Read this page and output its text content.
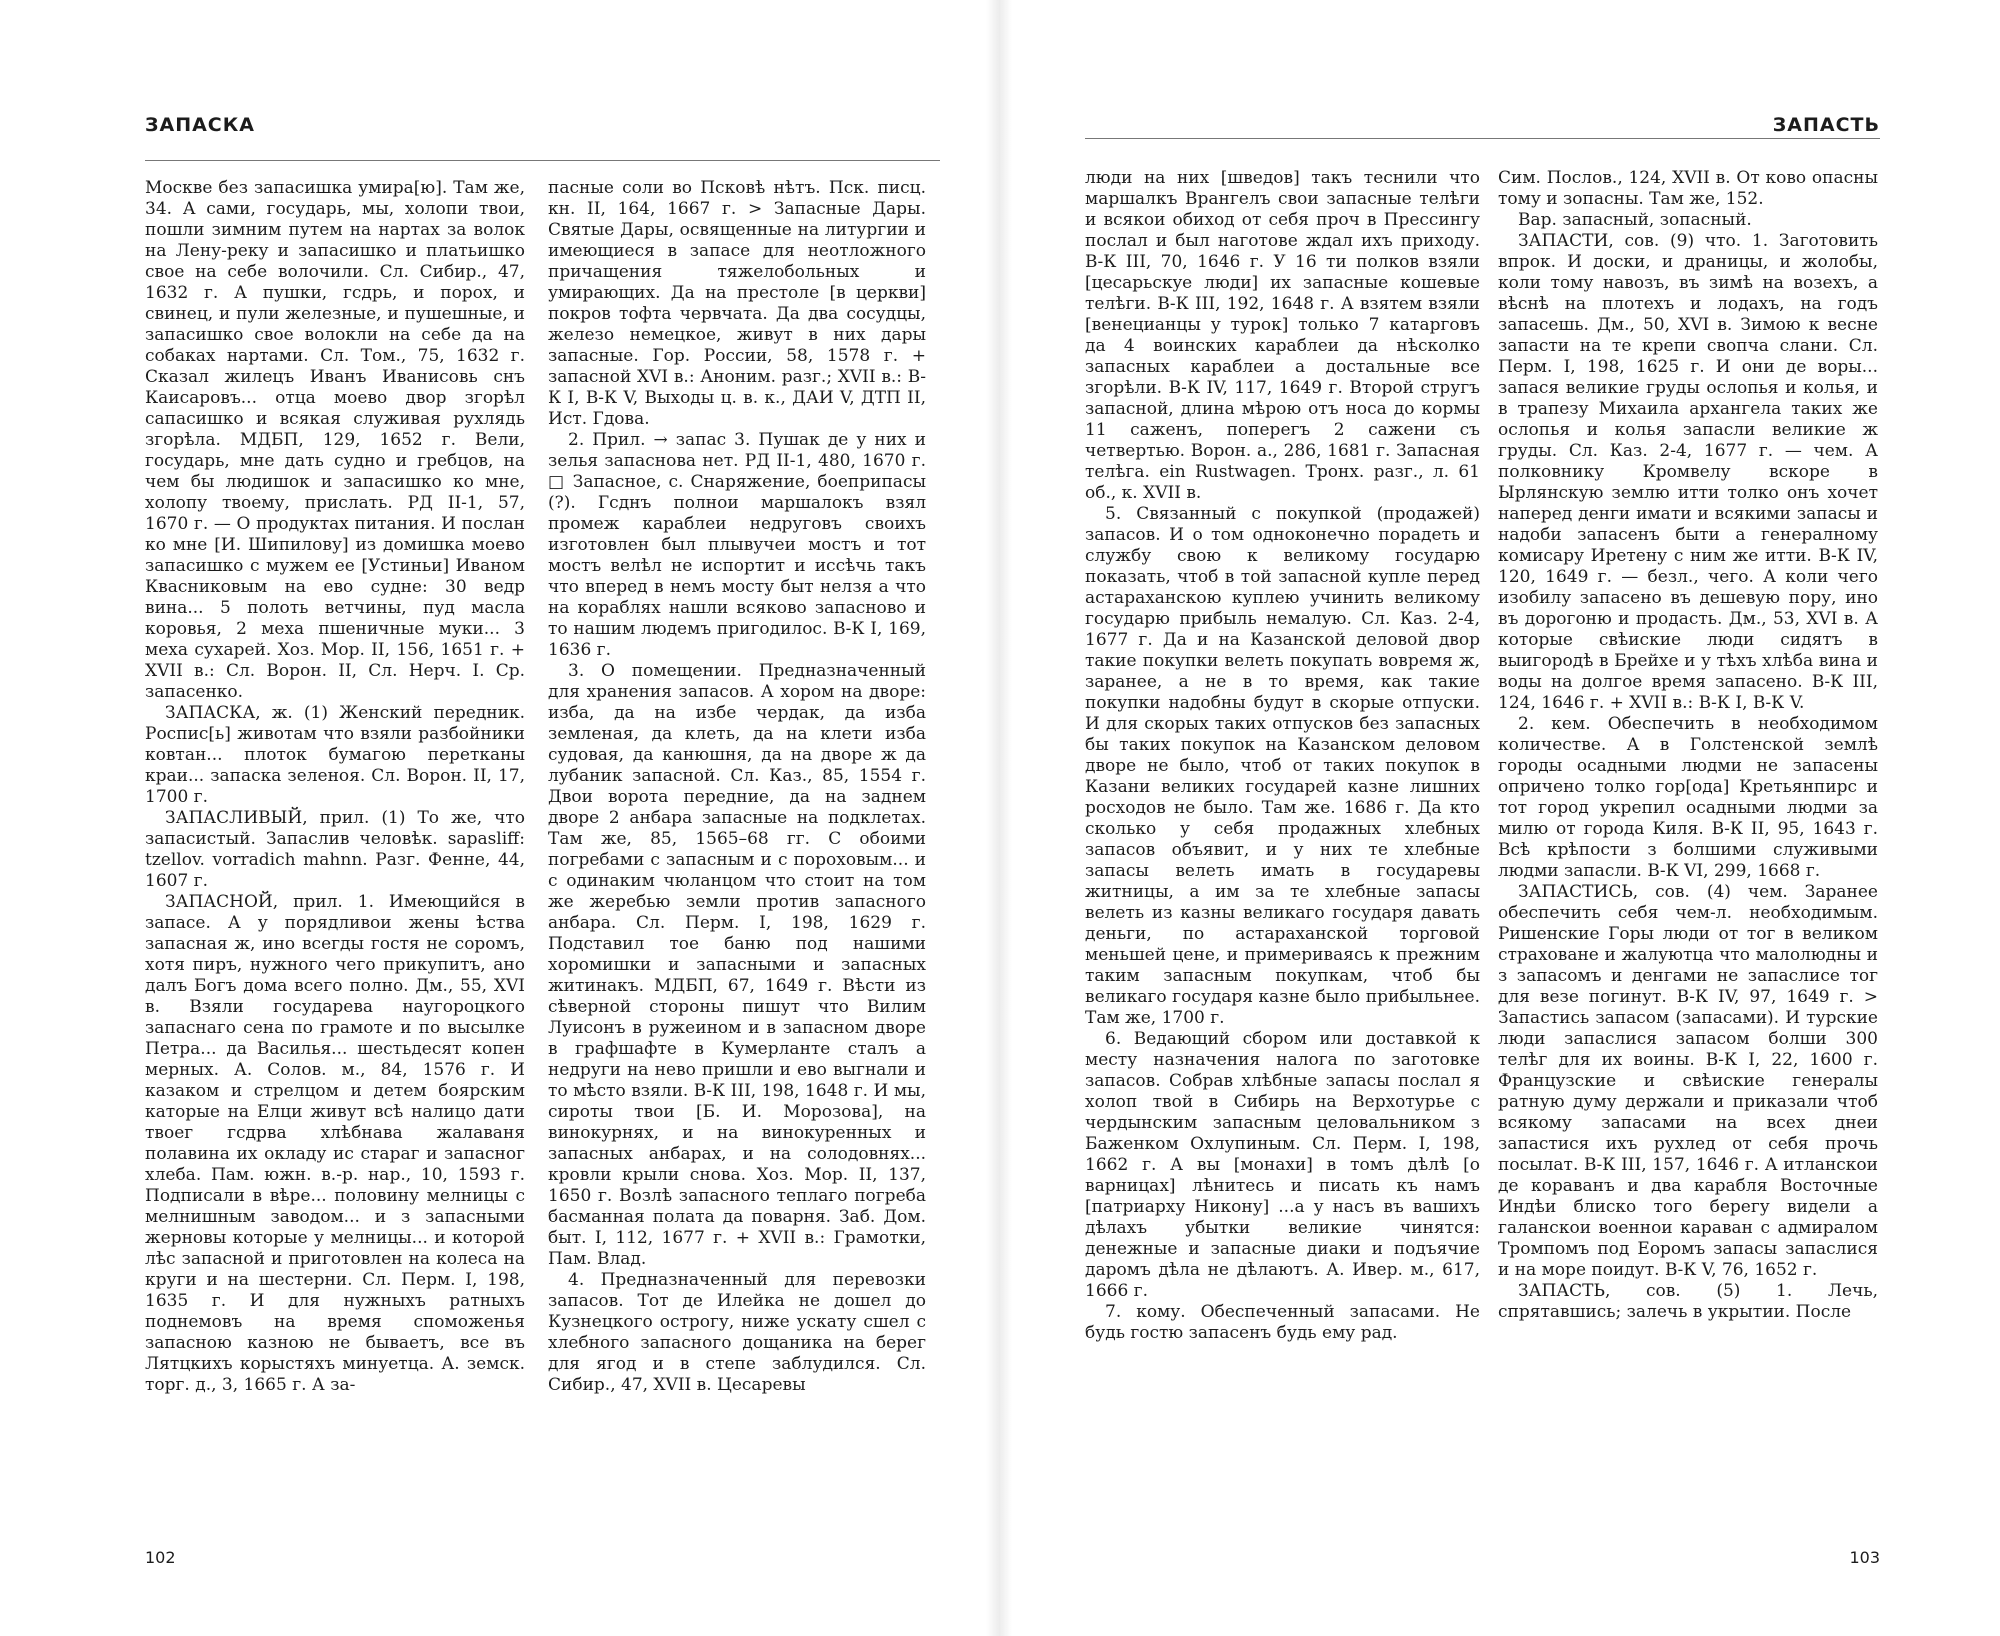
ЗАПАСКА

Москве без запасишка умира[ю]. Там же, 34. А сами, государь, мы, холопи твои, пошли зимним путем на нартах за волок на Лену-реку и запасишко и платьишко свое на себе волочили. Сл. Сибир., 47, 1632 г. А пушки, гсдрь, и порох, и свинец, и пули железные, и пушешные, и запасишко свое волокли на себе да на собаках нартами. Сл. Том., 75, 1632 г. Сказал жилецъ Иванъ Иванисовь снъ Каисаровъ... отца моево двор згорѣл сапасишко и всякая служивая рухлядь згорѣла. МДБП, 129, 1652 г. Вели, государь, мне дать судно и гребцов, на чем бы людишок и запасишко ко мне, холопу твоему, прислать. РД II-1, 57, 1670 г. — О продуктах питания. И послан ко мне [И. Шипилову] из домишка моево запасишко с мужем ее [Устиньи] Иваном Квасниковым на ево судне: 30 ведр вина... 5 полоть ветчины, пуд масла коровья, 2 меха пшеничные муки... 3 меха сухарей. Хоз. Мор. II, 156, 1651 г. + XVII в.: Сл. Ворон. II, Сл. Нерч. I. Ср. запасенко.

ЗАПАСКА, ж. (1) Женский передник. Роспис[ь] животам что взяли разбойники ковтан... плоток бумагою перетканы краи... запаска зеленоя. Сл. Ворон. II, 17, 1700 г.

ЗАПАСЛИВЫЙ, прил. (1) То же, что запасистый. Запаслив человѣк. sapasliff: tzellov. vorradich mahnn. Разг. Фенне, 44, 1607 г.

ЗАПАСНОЙ, прил. 1. Имеющийся в запасе. А у порядливои жены ѣства запасная ж, ино всегды гостя не соромъ, хотя пиръ, нужного чего прикупитъ, ано далъ Богъ дома всего полно. Дм., 55, XVI в. Взяли государева наугороцкого запаснаго сена по грамоте и по высылке Петра... да Василья... шестьдесят копен мерных. А. Солов. м., 84, 1576 г. И казаком и стрелцом и детем боярским каторые на Елци живут всѣ налицо дати твоег гсдрва хлѣбнава жалаваня полавина их окладу ис стараг и запасног хлеба. Пам. южн. в.-р. нар., 10, 1593 г. Подписали в вѣре... половину мелницы с мелнишным заводом... и з запасными жерновы которые у мелницы... и которой лѣс запасной и приготовлен на колеса на круги и на шестерни. Сл. Перм. I, 198, 1635 г. И для нужныхъ ратныхъ поднемовъ на время споможенья запасною казною не бываетъ, все въ Лятцкихъ корыстяхъ минуетца. А. земск. торг. д., 3, 1665 г. А за-

пасные соли во Псковѣ нѣтъ. Пск. писц. кн. II, 164, 1667 г. > Запасные Дары. Святые Дары, освященные на литургии и имеющиеся в запасе для неотложного причащения тяжелобольных и умирающих. Да на престоле [в церкви] покров тофта червчата. Да два сосудцы, железо немецкое, живут в них дары запасные. Гор. России, 58, 1578 г. + запасной XVI в.: Аноним. разг.; XVII в.: В-К I, В-К V, Выходы ц. в. к., ДАИ V, ДТП II, Ист. Гдова.

2. Прил. → запас 3. Пушак де у них и зелья запаснова нет. РД II-1, 480, 1670 г. □ Запасное, с. Снаряжение, боеприпасы (?). Гсднъ полнои маршалокъ взял промеж караблеи недруговъ своихъ изготовлен был плывучеи мостъ и тот мостъ велѣл не испортит и иссѣчь такъ что вперед в немъ мосту быт нелзя а что на кораблях нашли всяково запасново и то нашим людемъ пригодилос. В-К I, 169, 1636 г.

3. О помещении. Предназначенный для хранения запасов. А хором на дворе: изба, да на избе чердак, да изба земленая, да клеть, да на клети изба судовая, да канюшня, да на дворе ж да лубаник запасной. Сл. Каз., 85, 1554 г. Двои ворота передние, да на заднем дворе 2 анбара запасные на подклетах. Там же, 85, 1565–68 гг. С обоими погребами с запасным и с пороховым... и с одинаким чюланцом что стоит на том же жеребью земли против запасного анбара. Сл. Перм. I, 198, 1629 г. Подставил тое баню под нашими хоромишки и запасными и запасных житинакъ. МДБП, 67, 1649 г. Вѣсти из сѣверной стороны пишут что Вилим Луисонъ в ружеином и в запасном дворе в графшафте в Кумерланте сталъ а недруги на нево пришли и ево выгнали и то мѣсто взяли. В-К III, 198, 1648 г. И мы, сироты твои [Б. И. Морозова], на винокурнях, и на винокуренных и запасных анбарах, и на солодовнях... кровли крыли снова. Хоз. Мор. II, 137, 1650 г. Возлѣ запасного теплаго погреба басманная полата да поварня. Заб. Дом. быт. I, 112, 1677 г. + XVII в.: Грамотки, Пам. Влад.

4. Предназначенный для перевозки запасов. Тот де Илейка не дошел до Кузнецкого острогу, ниже ускату сшел с хлебного запасного дощаника на берег для ягод и в степе заблудился. Сл. Сибир., 47, XVII в. Цесаревы

102
ЗАПАСТЬ

люди на них [шведов] такъ теснили что маршалкъ Врангелъ свои запасные телѣги и всякои обиход от себя проч в Прессингу послал и был наготове ждал ихъ приходу. В-К III, 70, 1646 г. У 16 ти полков взяли [цесарьскye люди] их запасные кошевые телѣги. В-К III, 192, 1648 г. А взятем взяли [венецианцы у турок] только 7 катарговъ да 4 воинских караблеи да нѣсколко запасных караблеи а достальные все згорѣли. В-К IV, 117, 1649 г. Второй стругъ запасной, длина мѣрою отъ носа до кормы 11 саженъ, поперегъ 2 сажени съ четвертью. Ворон. а., 286, 1681 г. Запасная телѣга. ein Rustwagen. Тронх. разг., л. 61 об., к. XVII в.

5. Связанный с покупкой (продажей) запасов. И о том однoконечно порадеть и службу свою к великому государю показать, чтоб в той запасной купле перед астараханскою куплею учинить великому государю прибыль немалую. Сл. Каз. 2-4, 1677 г. Да и на Казанской деловой двор такие покупки велеть покупать вовремя ж, заранее, а не в то время, как такие покупки надобны будут в скорые отпуски. И для скорых таких отпусков без запасных бы таких покупок на Казанском деловом дворе не было, чтоб от таких покупок в Казани великих государей казне лишних росходов не было. Там же. 1686 г. Да кто сколько у себя продажных хлебных запасов объявит, и у них те хлебные запасы велеть имать в государевы житницы, а им за те хлебные запасы велеть из казны великаго государя давать деньги, по астараханской торговой меньшей цене, и примериваясь к прежним таким запасным покупкам, чтоб бы великаго государя казне было прибыльнее. Там же, 1700 г.

6. Ведающий сбором или доставкой к месту назначения налога по заготовке запасов. Собрав хлѣбные запасы послал я холоп твой в Сибирь на Верхотурье с чердынским запасным целовальником з Баженком Охлупиным. Сл. Перм. I, 198, 1662 г. А вы [монахи] в томъ дѣлѣ [о варницах] лѣнитесь и писать къ намъ [патриарху Никону] ...а у насъ въ вашихъ дѣлахъ убытки великие чинятся: денежные и запасные диаки и подъячие даромъ дѣла не дѣлаютъ. А. Ивер. м., 617, 1666 г.

7. кому. Обеспеченный запасами. Не будь гостю запасенъ будь ему рад.

Сим. Послов., 124, XVII в. От ково опасны тому и зопасны. Там же, 152.

Вар. запасный, зопасный.

ЗАПАСТИ, сов. (9) что. 1. Заготовить впрок. И доски, и драницы, и жолобы, коли тому навозъ, въ зимѣ на возехъ, а вѣснѣ на плотехъ и лодахъ, на годъ запасешь. Дм., 50, XVI в. Зимою к весне запасти на те крепи свопча слани. Сл. Перм. I, 198, 1625 г. И они де воры... запася великие груды ослопья и колья, и в трапезу Михаила архангела таких же ослопья и колья запасли великие ж груды. Сл. Каз. 2-4, 1677 г. — чем. А полковнику Кромвелу вскоре в Ырлянскую землю итти толко онъ хочет наперед денги имати и всякими запасы и надоби запасенъ быти а генералному комисару Иретену с ним же итти. В-К IV, 120, 1649 г. — безл., чего. А коли чего изобилу запасено въ дешевую пору, ино въ дорогоню и продасть. Дм., 53, XVI в. А которые свѣиские люди сидятъ в выигородѣ в Брейхе и у тѣхъ хлѣба вина и воды на долгое время запасено. В-К III, 124, 1646 г. + XVII в.: В-К I, В-К V.

2. кем. Обеспечить в необходимом количестве. А в Голстенской землѣ городы осадными людми не запасены опричено толко гор[ода] Кретьянпирс и тот город укрепил осадными людми за милю от города Киля. В-К II, 95, 1643 г. Всѣ крѣпости з болшими служивыми людми запасли. В-К VI, 299, 1668 г.

ЗАПАСТИСЬ, сов. (4) чем. Заранее обеспечить себя чем-л. необходимым. Ришенские Горы люди от тог в великом страховане и жалуютца что малолюдны и з запасомъ и денгами не запаслисе тог для везе погинут. В-К IV, 97, 1649 г. > Запастись запасом (запасами). И турские люди запаслися запасом болши 300 телѣг для их воины. В-К I, 22, 1600 г. Французские и свѣиские генералы ратную думу держали и приказали чтоб всякому запасами на всех днеи запастися ихъ рухлед от себя прочь посылат. В-К III, 157, 1646 г. А итланскои де кораванъ и два карабля Восточные Индѣи блиско того берегу видели а галанскои военнои караван с адмиралом Тромпомъ под Еоромъ запасы запаслися и на море поидут. В-К V, 76, 1652 г.

ЗАПАСТЬ, сов. (5) 1. Лечь, спрятавшись; залечь в укрытии. После

103
